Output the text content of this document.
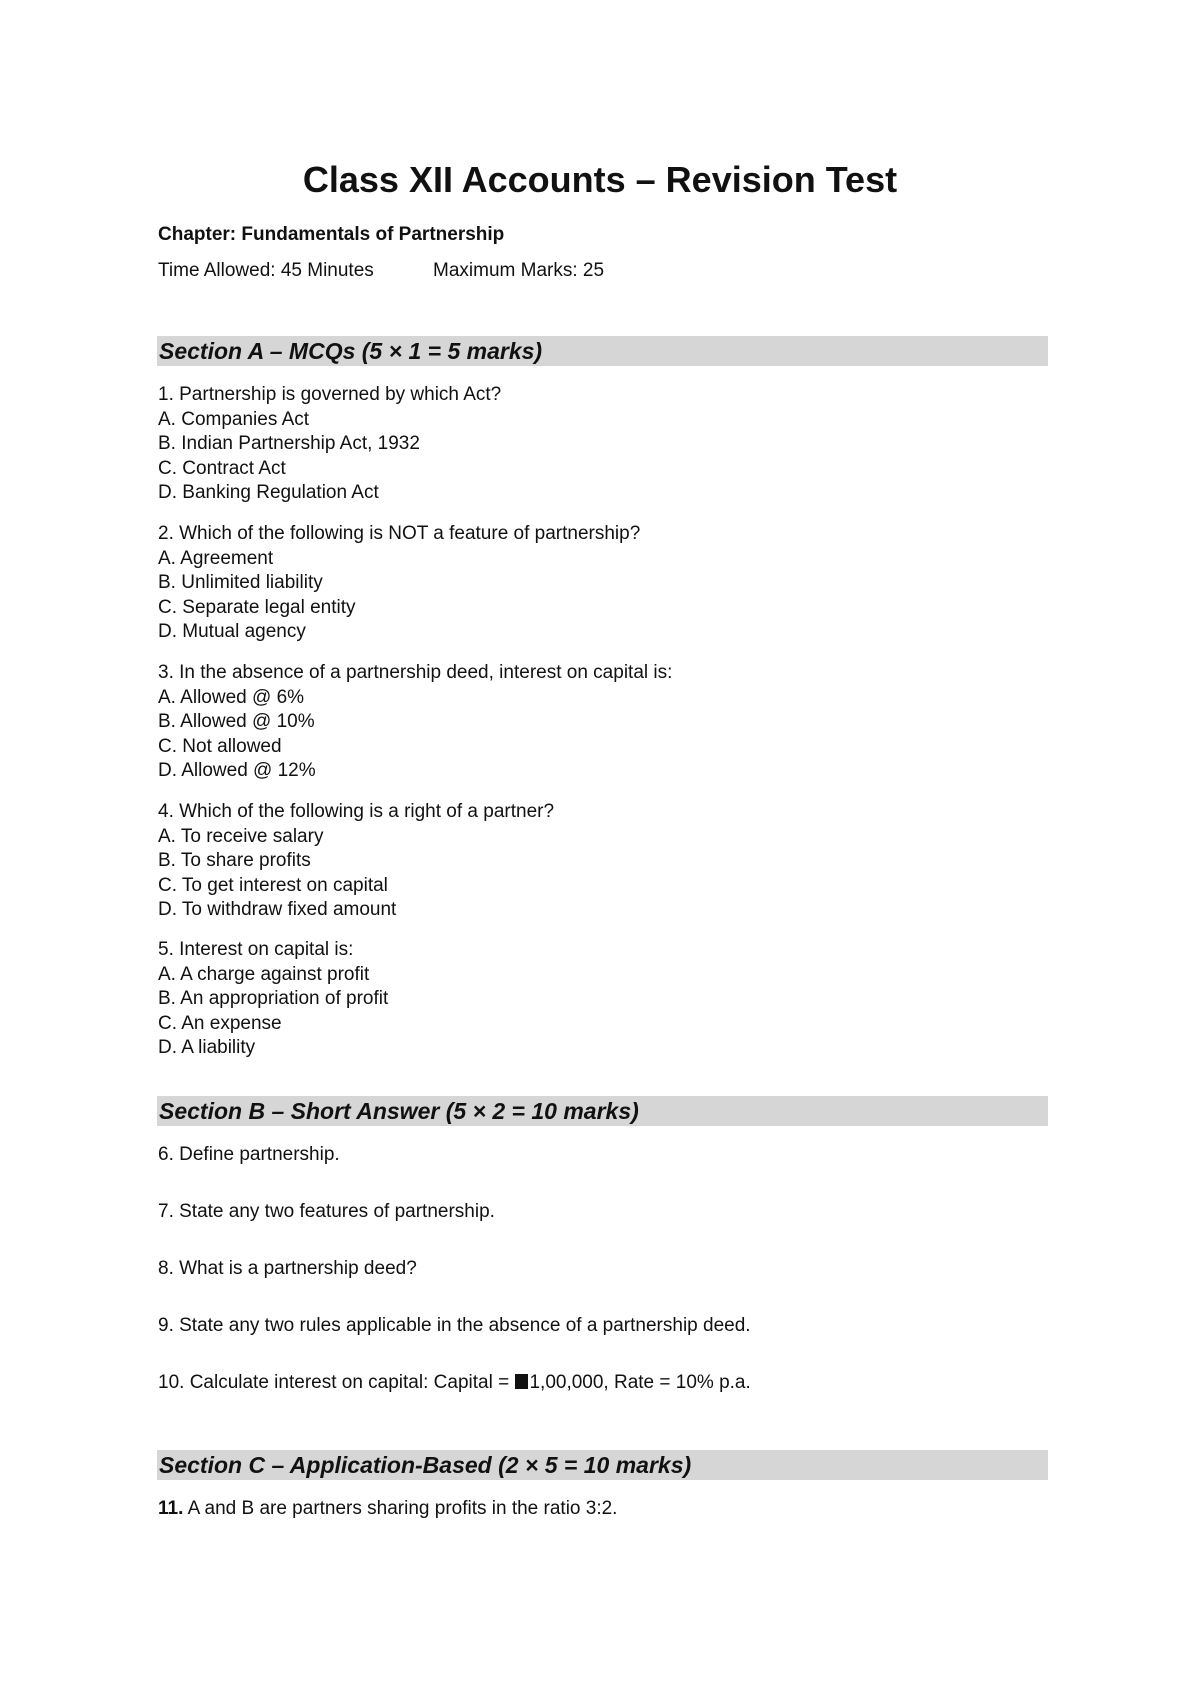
Class XII Accounts – Revision Test
Chapter: Fundamentals of Partnership
Time Allowed: 45 Minutes	Maximum Marks: 25
Section A – MCQs (5 × 1 = 5 marks)
1. Partnership is governed by which Act?
A. Companies Act
B. Indian Partnership Act, 1932
C. Contract Act
D. Banking Regulation Act
2. Which of the following is NOT a feature of partnership?
A. Agreement
B. Unlimited liability
C. Separate legal entity
D. Mutual agency
3. In the absence of a partnership deed, interest on capital is:
A. Allowed @ 6%
B. Allowed @ 10%
C. Not allowed
D. Allowed @ 12%
4. Which of the following is a right of a partner?
A. To receive salary
B. To share profits
C. To get interest on capital
D. To withdraw fixed amount
5. Interest on capital is:
A. A charge against profit
B. An appropriation of profit
C. An expense
D. A liability
Section B – Short Answer (5 × 2 = 10 marks)
6. Define partnership.
7. State any two features of partnership.
8. What is a partnership deed?
9. State any two rules applicable in the absence of a partnership deed.
10. Calculate interest on capital: Capital = 1,00,000, Rate = 10% p.a.
Section C – Application-Based (2 × 5 = 10 marks)
11. A and B are partners sharing profits in the ratio 3:2.
